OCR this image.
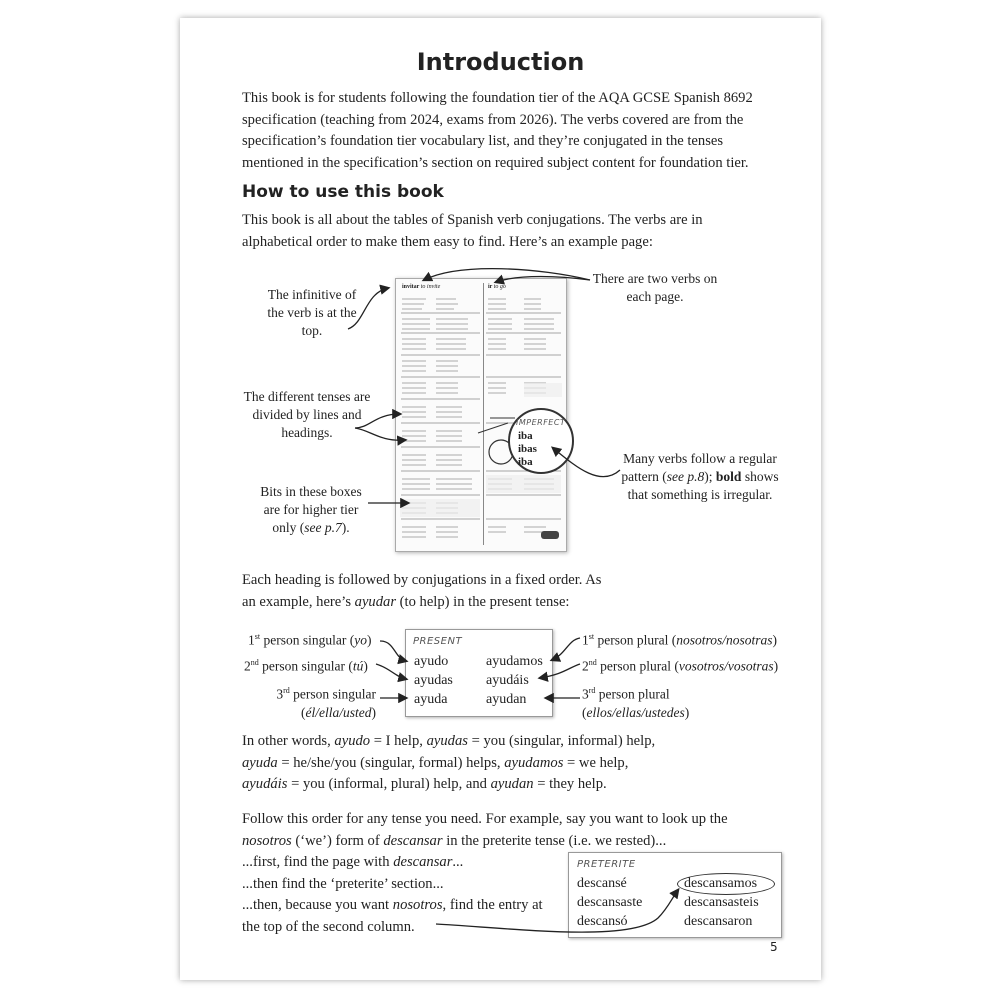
Introduction
This book is for students following the foundation tier of the AQA GCSE Spanish 8692 specification (teaching from 2024, exams from 2026). The verbs covered are from the specification’s foundation tier vocabulary list, and they’re conjugated in the tenses mentioned in the specification’s section on required subject content for foundation tier.
How to use this book
This book is all about the tables of Spanish verb conjugations. The verbs are in alphabetical order to make them easy to find. Here’s an example page:
invitar to invite	ir to go
IMPERFECT
iba
ibas
iba
The infinitive of the verb is at the top.
There are two verbs on each page.
The different tenses are divided by lines and headings.
Bits in these boxes are for higher tier only (see p.7).
Many verbs follow a regular pattern (see p.8); bold shows that something is irregular.
Each heading is followed by conjugations in a fixed order. As
an example, here’s ayudar (to help) in the present tense:
PRESENT
ayudo
ayudas
ayuda
ayudamos
ayudáis
ayudan
1st person singular (yo)
2nd person singular (tú)
3rd person singular
(él/ella/usted)
1st person plural (nosotros/nosotras)
2nd person plural (vosotros/vosotras)
3rd person plural
(ellos/ellas/ustedes)
In other words, ayudo = I help, ayudas = you (singular, informal) help,
ayuda = he/she/you (singular, formal) helps, ayudamos = we help,
ayudáis = you (informal, plural) help, and ayudan = they help.
Follow this order for any tense you need. For example, say you want to look up the
nosotros (‘we’) form of descansar in the preterite tense (i.e. we rested)...
...first, find the page with descansar...
...then find the ‘preterite’ section...
...then, because you want nosotros, find the entry at
the top of the second column.
PRETERITE
descansé
descansaste
descansó
descansamos
descansasteis
descansaron
5
